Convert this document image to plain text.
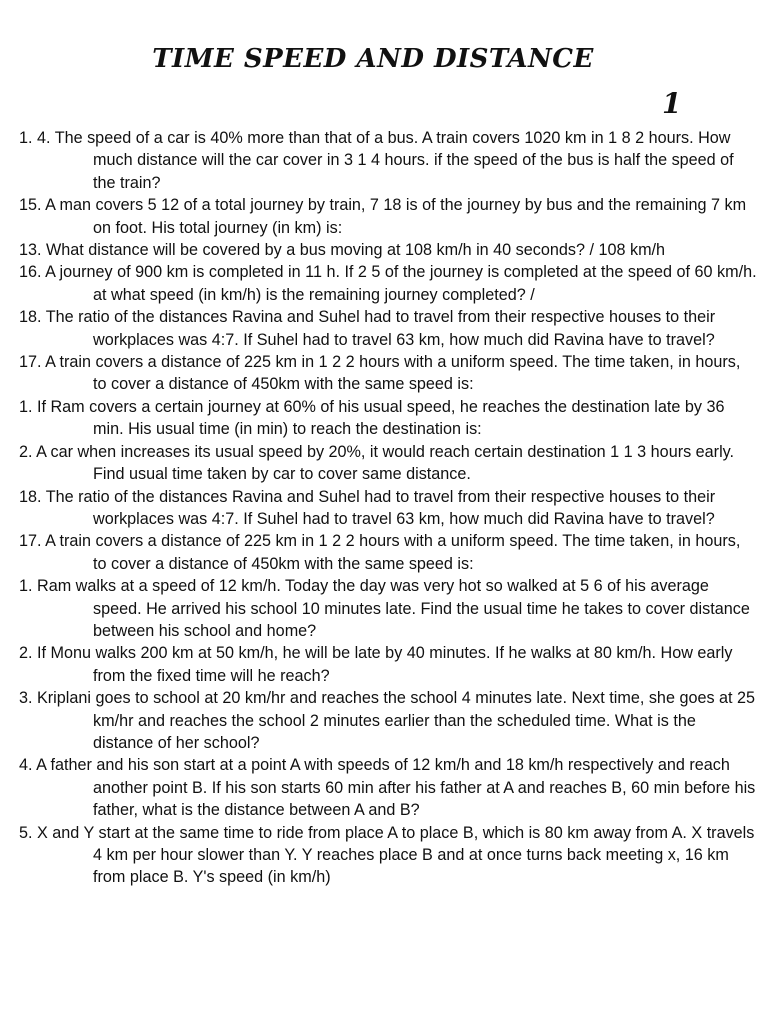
TIME SPEED AND DISTANCE
1
1. 4. The speed of a car is 40% more than that of a bus. A train covers 1020 km in 1 8 2 hours. How much distance will the car cover in 3 1 4 hours. if the speed of the bus is half the speed of the train?
15. A man covers 5 12 of a total journey by train, 7 18 is of the journey by bus and the remaining 7 km on foot. His total journey (in km) is:
13. What distance will be covered by a bus moving at 108 km/h in 40 seconds? / 108 km/h
16. A journey of 900 km is completed in 11 h. If 2 5 of the journey is completed at the speed of 60 km/h. at what speed (in km/h) is the remaining journey completed? /
18. The ratio of the distances Ravina and Suhel had to travel from their respective houses to their workplaces was 4:7. If Suhel had to travel 63 km, how much did Ravina have to travel?
17. A train covers a distance of 225 km in 1 2 2 hours with a uniform speed. The time taken, in hours, to cover a distance of 450km with the same speed is:
1. If Ram covers a certain journey at 60% of his usual speed, he reaches the destination late by 36 min. His usual time (in min) to reach the destination is:
2. A car when increases its usual speed by 20%, it would reach certain destination 1 1 3 hours early. Find usual time taken by car to cover same distance.
18. The ratio of the distances Ravina and Suhel had to travel from their respective houses to their workplaces was 4:7. If Suhel had to travel 63 km, how much did Ravina have to travel?
17. A train covers a distance of 225 km in 1 2 2 hours with a uniform speed. The time taken, in hours, to cover a distance of 450km with the same speed is:
1. Ram walks at a speed of 12 km/h. Today the day was very hot so walked at 5 6 of his average speed. He arrived his school 10 minutes late. Find the usual time he takes to cover distance between his school and home?
2. If Monu walks 200 km at 50 km/h, he will be late by 40 minutes. If he walks at 80 km/h. How early from the fixed time will he reach?
3. Kriplani goes to school at 20 km/hr and reaches the school 4 minutes late. Next time, she goes at 25 km/hr and reaches the school 2 minutes earlier than the scheduled time. What is the distance of her school?
4. A father and his son start at a point A with speeds of 12 km/h and 18 km/h respectively and reach another point B. If his son starts 60 min after his father at A and reaches B, 60 min before his father, what is the distance between A and B?
5. X and Y start at the same time to ride from place A to place B, which is 80 km away from A. X travels 4 km per hour slower than Y. Y reaches place B and at once turns back meeting x, 16 km from place B. Y's speed (in km/h)
